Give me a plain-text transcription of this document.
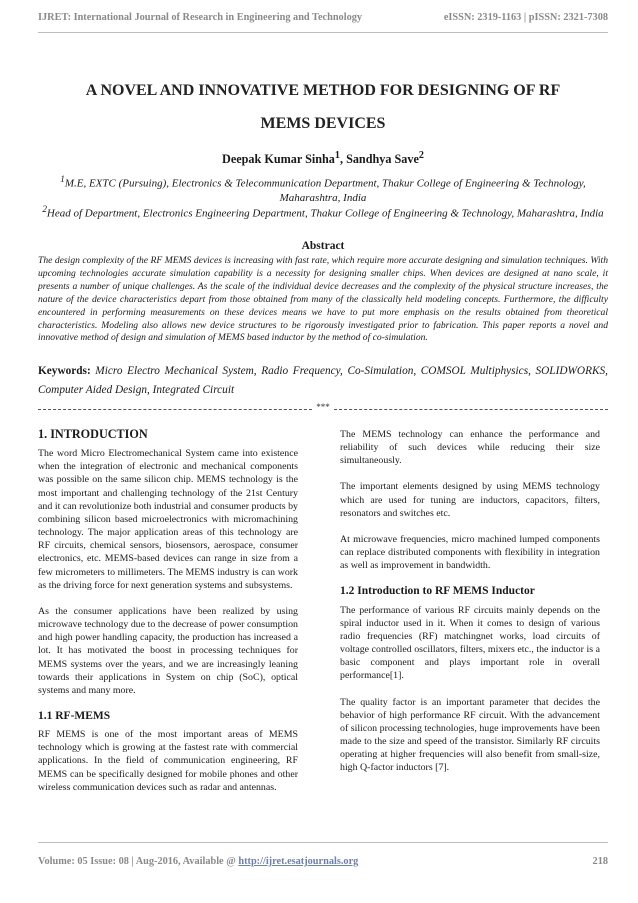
IJRET: International Journal of Research in Engineering and Technology	eISSN: 2319-1163 | pISSN: 2321-7308
A NOVEL AND INNOVATIVE METHOD FOR DESIGNING OF RF
MEMS DEVICES
Deepak Kumar Sinha$^1$, Sandhya Save$^2$
$^1$M.E, EXTC (Pursuing), Electronics & Telecommunication Department, Thakur College of Engineering & Technology, Maharashtra, India
$^2$Head of Department, Electronics Engineering Department, Thakur College of Engineering & Technology, Maharashtra, India
Abstract
The design complexity of the RF MEMS devices is increasing with fast rate, which require more accurate designing and simulation techniques. With upcoming technologies accurate simulation capability is a necessity for designing smaller chips. When devices are designed at nano scale, it presents a number of unique challenges. As the scale of the individual device decreases and the complexity of the physical structure increases, the nature of the device characteristics depart from those obtained from many of the classically held modeling concepts. Furthermore, the difficulty encountered in performing measurements on these devices means we have to put more emphasis on the results obtained from theoretical characteristics. Modeling also allows new device structures to be rigorously investigated prior to fabrication. This paper reports a novel and innovative method of design and simulation of MEMS based inductor by the method of co-simulation.
Keywords: Micro Electro Mechanical System, Radio Frequency, Co-Simulation, COMSOL Multiphysics, SOLIDWORKS, Computer Aided Design, Integrated Circuit
***
1. INTRODUCTION

The word Micro Electromechanical System came into existence when the integration of electronic and mechanical components was possible on the same silicon chip. MEMS technology is the most important and challenging technology of the 21st Century and it can revolutionize both industrial and consumer products by combining silicon based microelectronics with micromachining technology. The major application areas of this technology are RF circuits, chemical sensors, biosensors, aerospace, consumer electronics, etc. MEMS-based devices can range in size from a few micrometers to millimeters. The MEMS industry is can work as the driving force for next generation systems and subsystems.

As the consumer applications have been realized by using microwave technology due to the decrease of power consumption and high power handling capacity, the production has increased a lot. It has motivated the boost in processing techniques for MEMS systems over the years, and we are increasingly leaning towards their applications in System on chip (SoC), optical systems and many more.

1.1 RF-MEMS

RF MEMS is one of the most important areas of MEMS technology which is growing at the fastest rate with commercial applications. In the field of communication engineering, RF MEMS can be specifically designed for mobile phones and other wireless communication devices such as radar and antennas.

The MEMS technology can enhance the performance and reliability of such devices while reducing their size simultaneously.

The important elements designed by using MEMS technology which are used for tuning are inductors, capacitors, filters, resonators and switches etc.

At microwave frequencies, micro machined lumped components can replace distributed components with flexibility in integration as well as improvement in bandwidth.

1.2 Introduction to RF MEMS Inductor

The performance of various RF circuits mainly depends on the spiral inductor used in it. When it comes to design of various radio frequencies (RF) matchingnet works, load circuits of voltage controlled oscillators, filters, mixers etc., the inductor is a basic component and plays important role in overall performance[1].

The quality factor is an important parameter that decides the behavior of high performance RF circuit. With the advancement of silicon processing technologies, huge improvements have been made to the size and speed of the transistor. Similarly RF circuits operating at higher frequencies will also benefit from small-size, high Q-factor inductors [7].

Volume: 05 Issue: 08 | Aug-2016, Available @ http://ijret.esatjournals.org	218
